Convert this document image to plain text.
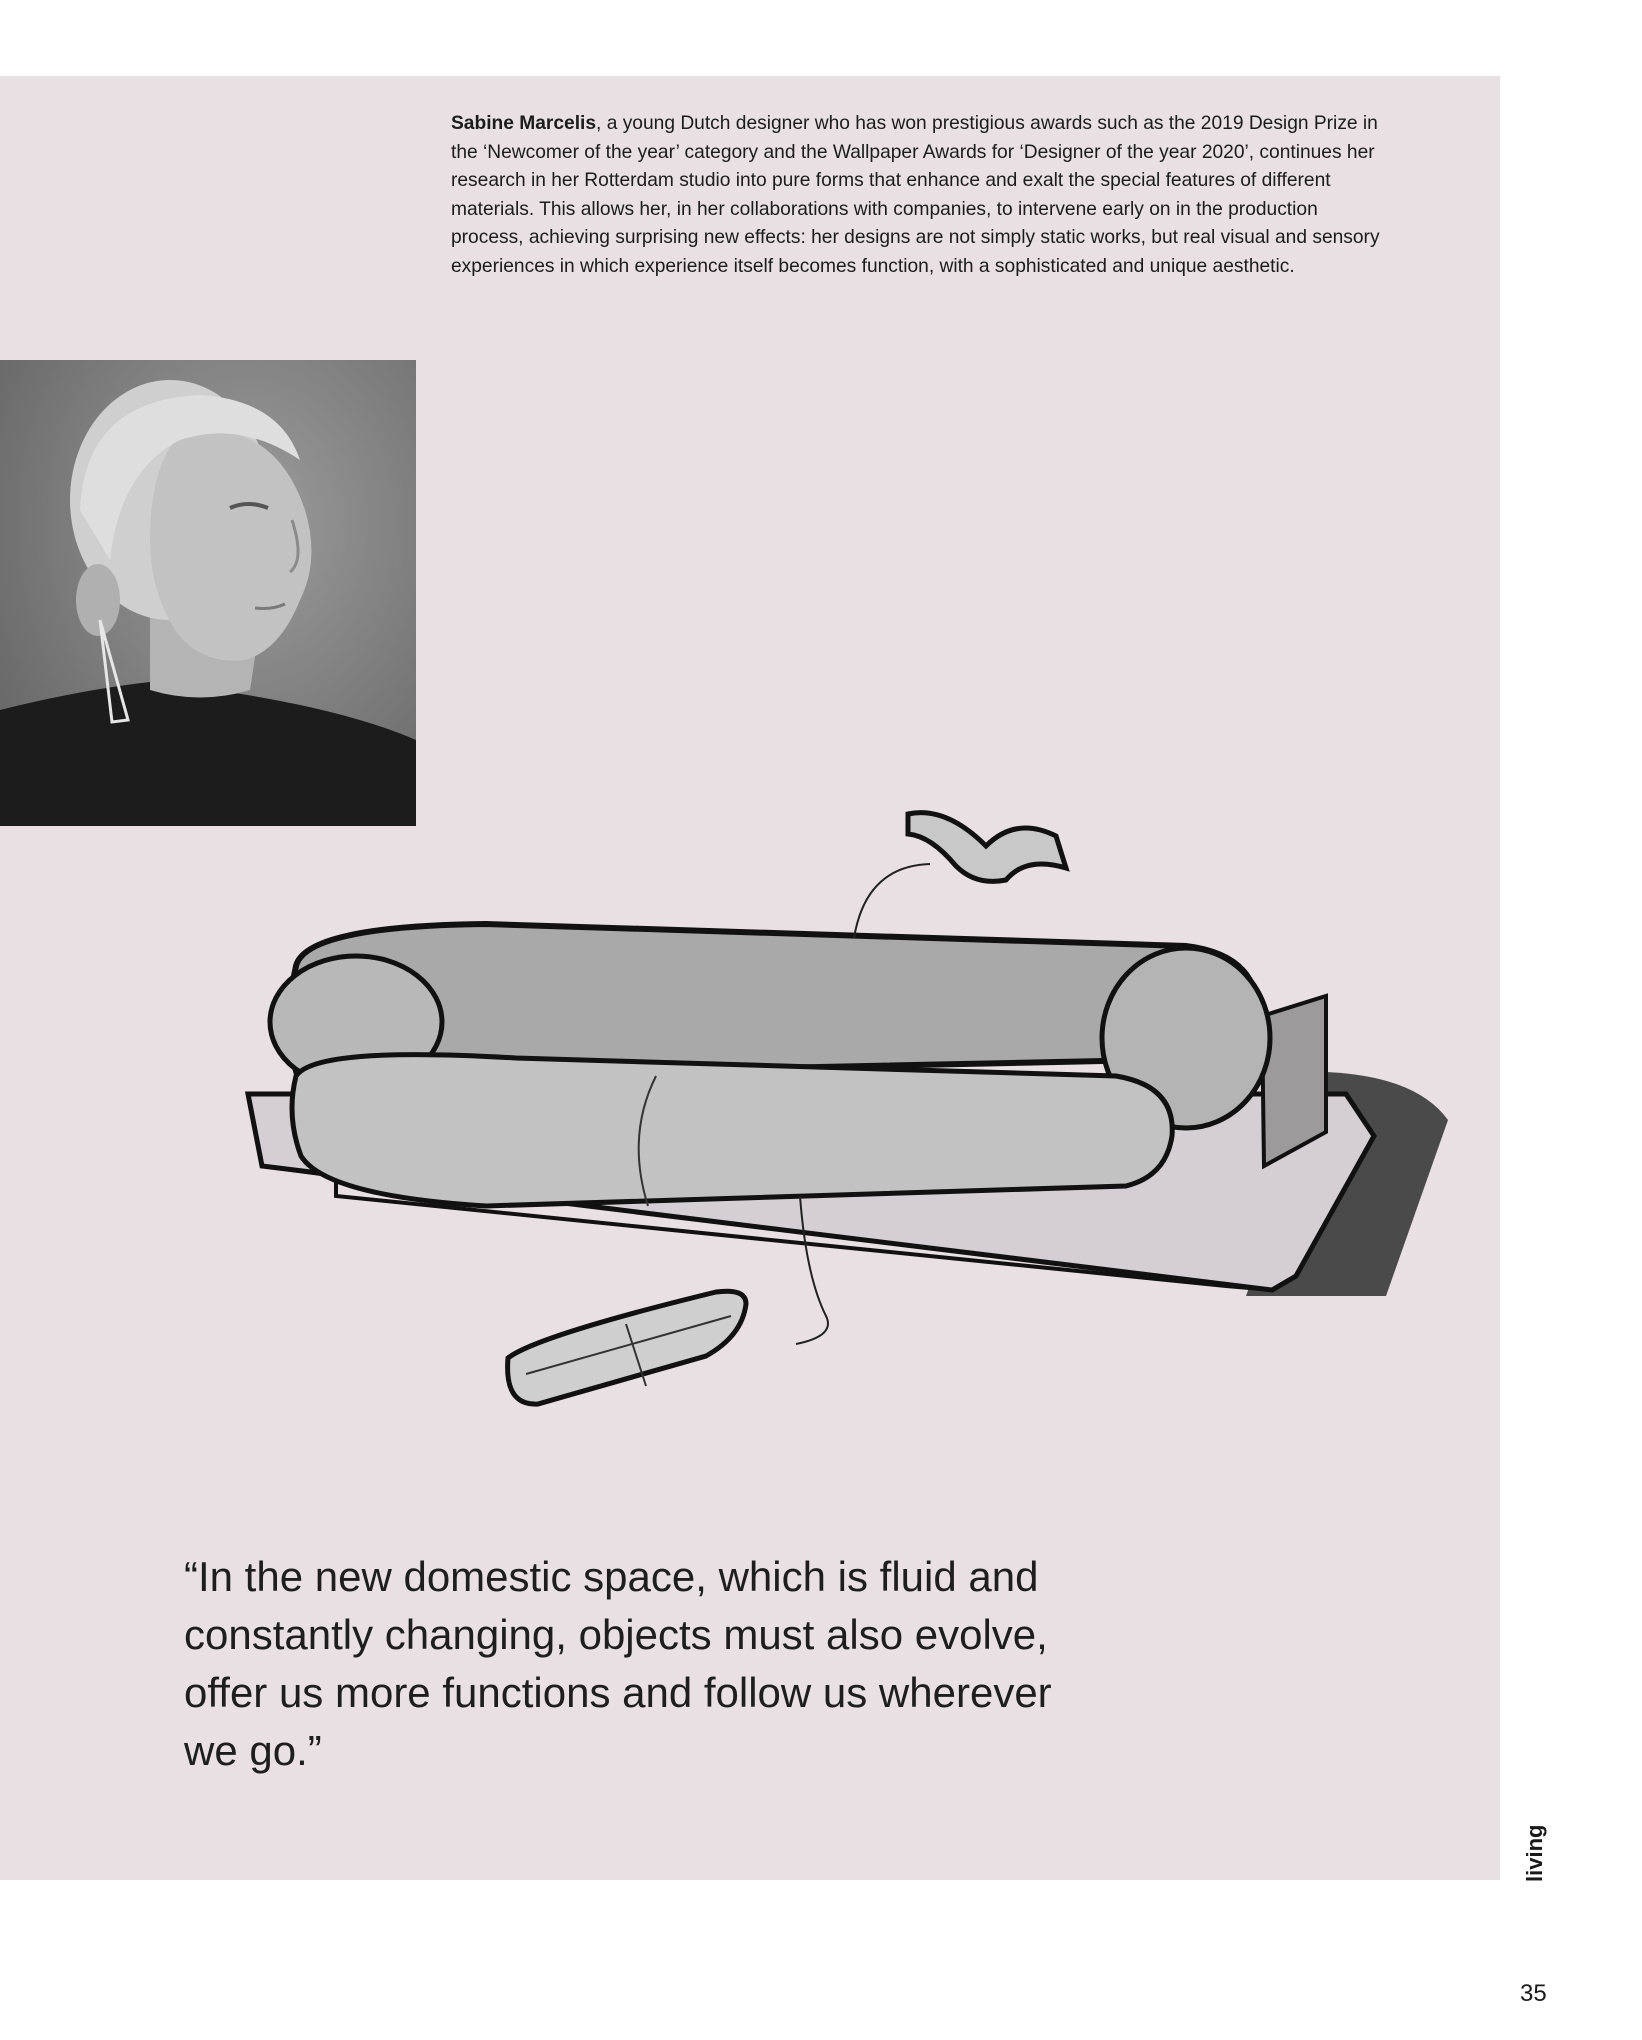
Sabine Marcelis, a young Dutch designer who has won prestigious awards such as the 2019 Design Prize in the ‘Newcomer of the year’ category and the Wallpaper Awards for ‘Designer of the year 2020’, continues her research in her Rotterdam studio into pure forms that enhance and exalt the special features of different materials. This allows her, in her collaborations with companies, to intervene early on in the production process, achieving surprising new effects: her designs are not simply static works, but real visual and sensory experiences in which experience itself becomes function, with a sophisticated and unique aesthetic.

“In the new domestic space, which is fluid and constantly changing, objects must also evolve, offer us more functions and follow us wherever we go.”

living
35
